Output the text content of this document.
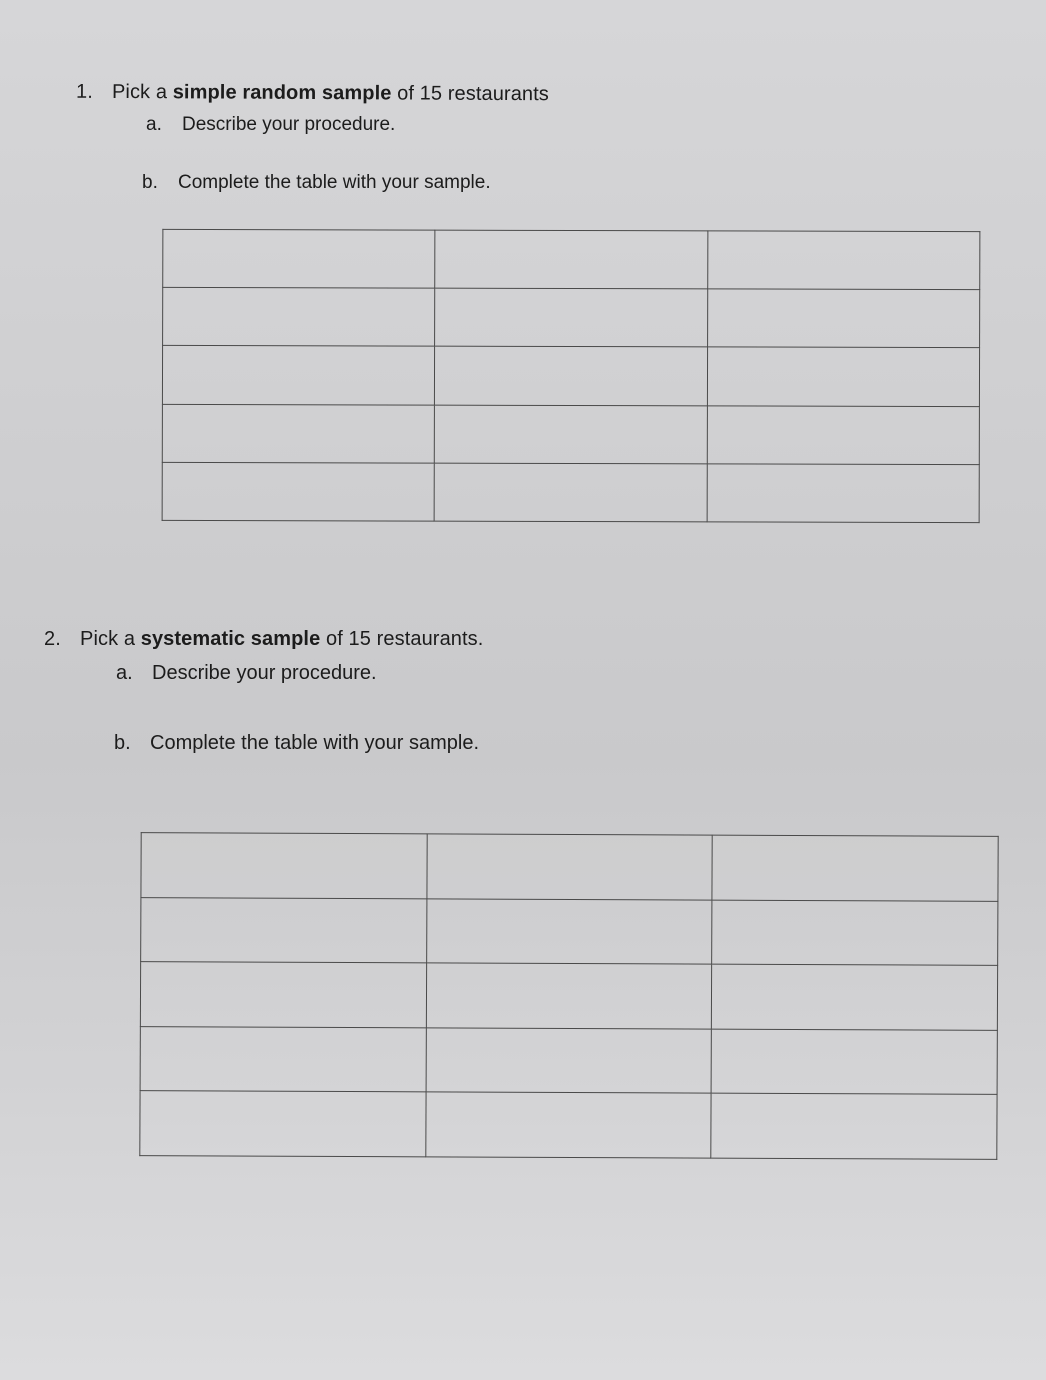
1. Pick a simple random sample of 15 restaurants
a. Describe your procedure.
b. Complete the table with your sample.

2. Pick a systematic sample of 15 restaurants.
a. Describe your procedure.
b. Complete the table with your sample.
